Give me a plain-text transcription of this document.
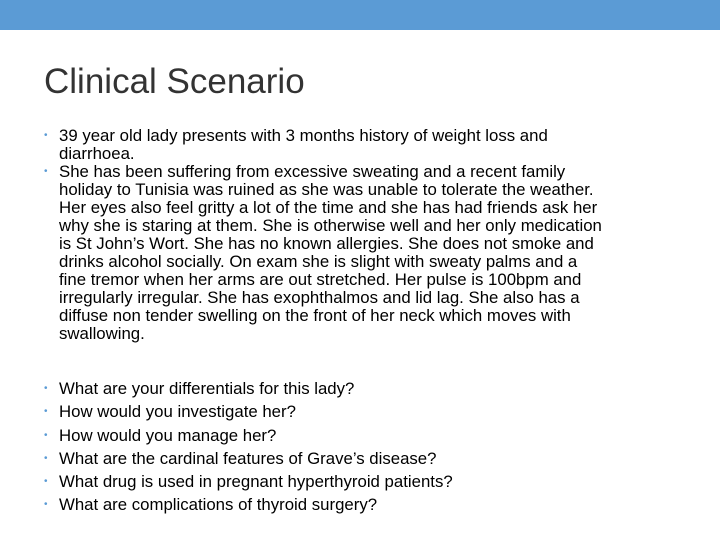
Clinical Scenario
• 39 year old lady presents with 3 months history of weight loss and
diarrhoea.
• She has been suffering from excessive sweating and a recent family
holiday to Tunisia was ruined as she was unable to tolerate the weather.
Her eyes also feel gritty a lot of the time and she has had friends ask her
why she is staring at them. She is otherwise well and her only medication
is St John’s Wort. She has no known allergies. She does not smoke and
drinks alcohol socially. On exam she is slight with sweaty palms and a
fine tremor when her arms are out stretched. Her pulse is 100bpm and
irregularly irregular. She has exophthalmos and lid lag. She also has a
diffuse non tender swelling on the front of her neck which moves with
swallowing.
• What are your differentials for this lady?
• How would you investigate her?
• How would you manage her?
• What are the cardinal features of Grave’s disease?
• What drug is used in pregnant hyperthyroid patients?
• What are complications of thyroid surgery?
